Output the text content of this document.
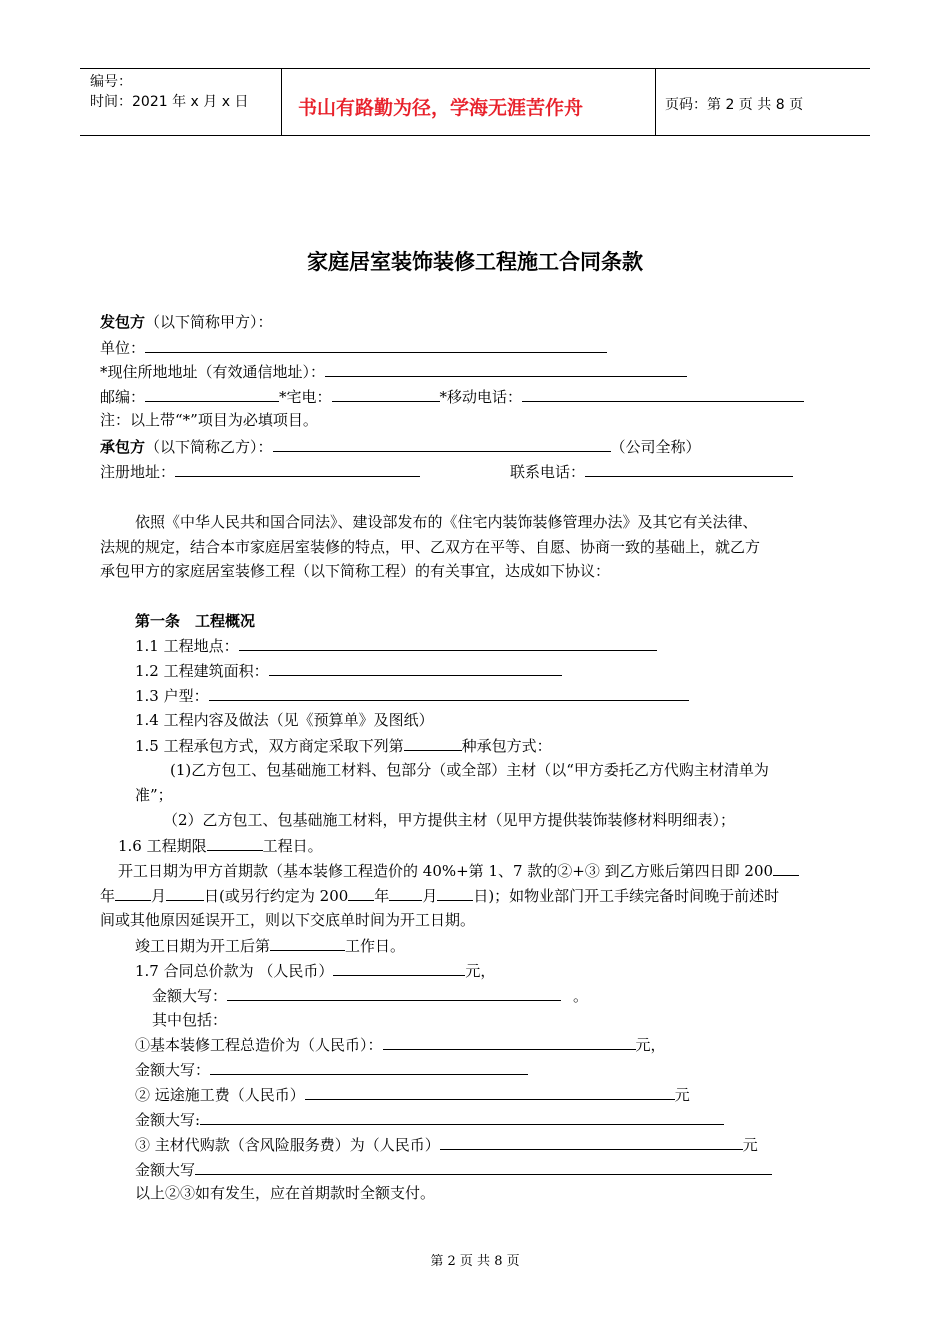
编号：
时间：2021 年 x 月 x 日	书山有路勤为径，学海无涯苦作舟	页码：第 2 页 共 8 页
家庭居室装饰装修工程施工合同条款
发包方（以下简称甲方）：
单位：
*现住所地地址（有效通信地址）：
邮编：	*宅电：	*移动电话：
注：以上带“*”项目为必填项目。
承包方（以下简称乙方）：	（公司全称）
注册地址：	联系电话：
依照《中华人民共和国合同法》、建设部发布的《住宅内装饰装修管理办法》及其它有关法律、
法规的规定，结合本市家庭居室装修的特点，甲、乙双方在平等、自愿、协商一致的基础上，就乙方
承包甲方的家庭居室装修工程（以下简称工程）的有关事宜，达成如下协议：
第一条　工程概况
1.1 工程地点：
1.2 工程建筑面积：
1.3 户型：
1.4 工程内容及做法（见《预算单》及图纸）
1.5 工程承包方式，双方商定采取下列第	种承包方式：
(1)乙方包工、包基础施工材料、包部分（或全部）主材（以“甲方委托乙方代购主材清单为
准”；
（2）乙方包工、包基础施工材料，甲方提供主材（见甲方提供装饰装修材料明细表）；
1.6 工程期限	工程日。
开工日期为甲方首期款（基本装修工程造价的 40%+第 1、7 款的②+③ 到乙方账后第四日即 200
年 月	日(或另行约定为 200 年 月 日)；如物业部门开工手续完备时间晚于前述时
间或其他原因延误开工，则以下交底单时间为开工日期。
竣工日期为开工后第	工作日。
1.7 合同总价款为 （人民币）	元，
金额大写：	。
其中包括：
①基本装修工程总造价为（人民币）：	元，
金额大写：
② 远途施工费（人民币）	元
金额大写:
③ 主材代购款（含风险服务费）为（人民币）	元
金额大写
以上②③如有发生，应在首期款时全额支付。
第 2 页 共 8 页
